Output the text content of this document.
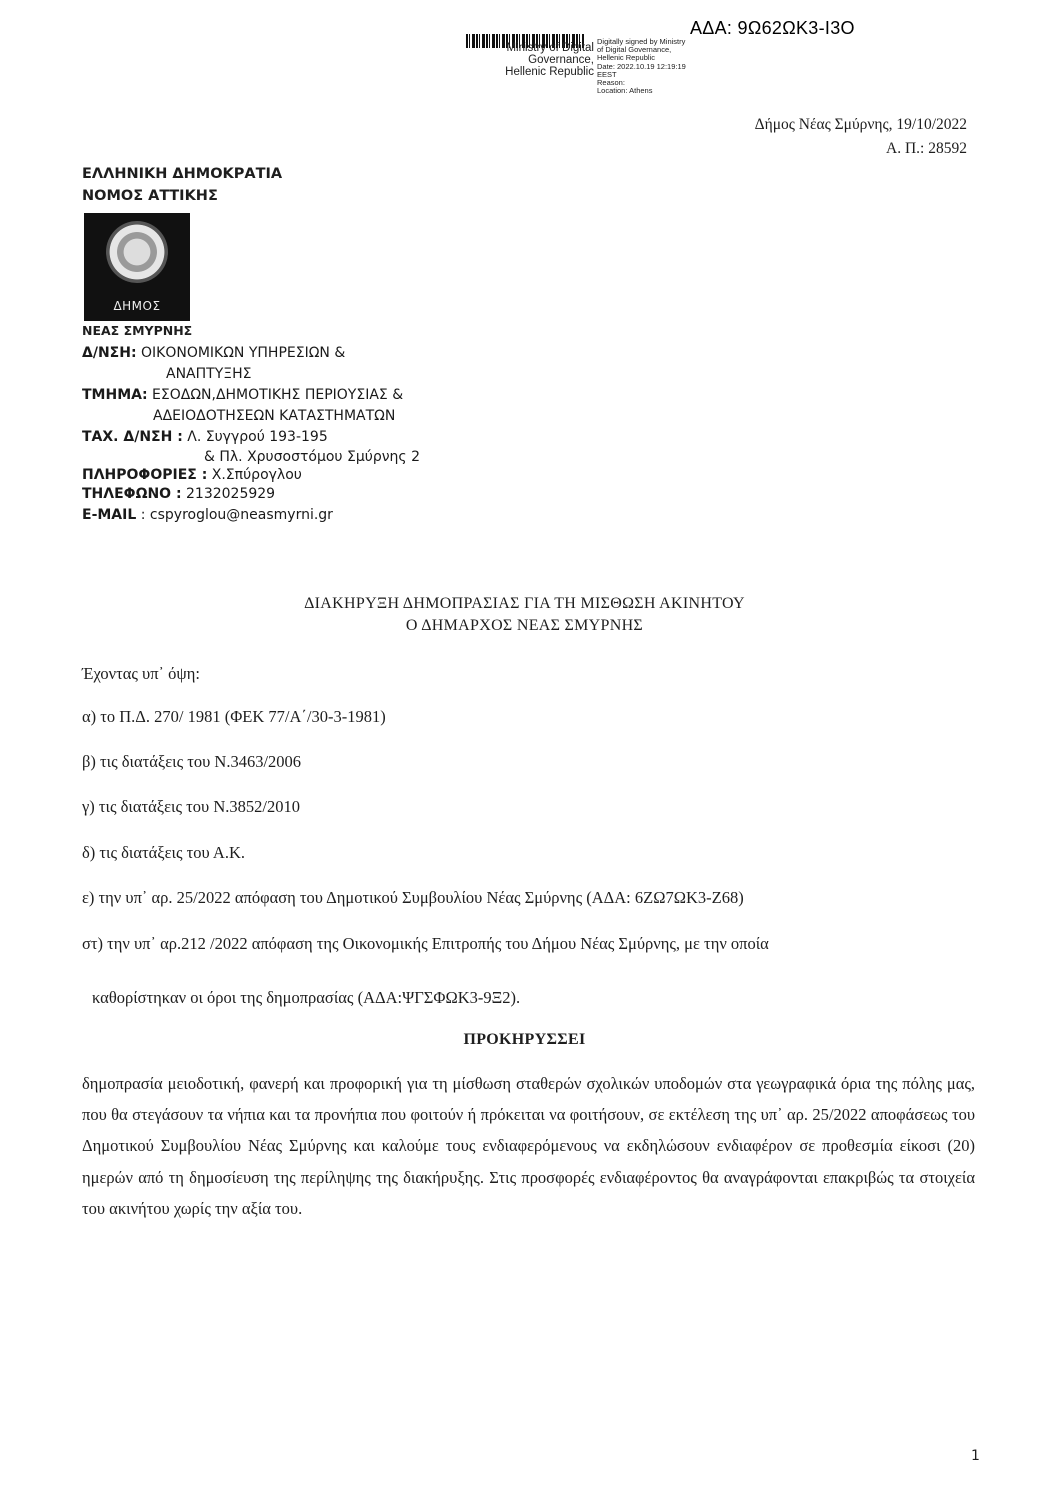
Ministry of Digital
Governance,
Hellenic Republic
Digitally signed by Ministry
of Digital Governance,
Hellenic Republic
Date: 2022.10.19 12:19:19
EEST
Reason:
Location: Athens
ΑΔΑ: 9Ω62ΩΚ3-Ι3Ο
Δήμος Νέας Σμύρνης, 19/10/2022
Α. Π.: 28592
ΕΛΛΗΝΙΚΗ ΔΗΜΟΚΡΑΤΙΑ
ΝΟΜΟΣ ΑΤΤΙΚΗΣ
ΔΗΜΟΣ
ΝΕΑΣ ΣΜΥΡΝΗΣ
Δ/ΝΣΗ: ΟΙΚΟΝΟΜΙΚΩΝ ΥΠΗΡΕΣΙΩΝ &
ΑΝΑΠΤΥΞΗΣ
ΤΜΗΜΑ: ΕΣΟΔΩΝ,ΔΗΜΟΤΙΚΗΣ ΠΕΡΙΟΥΣΙΑΣ &
ΑΔΕΙΟΔΟΤΗΣΕΩΝ ΚΑΤΑΣΤΗΜΑΤΩΝ
ΤΑΧ. Δ/ΝΣΗ : Λ. Συγγρού 193-195
& Πλ. Χρυσοστόμου Σμύρνης 2
ΠΛΗΡΟΦΟΡΙΕΣ : Χ.Σπύρογλου
ΤΗΛΕΦΩΝΟ : 2132025929
E-MAIL : cspyroglou@neasmyrni.gr
ΔΙΑΚΗΡΥΞΗ ΔΗΜΟΠΡΑΣΙΑΣ ΓΙΑ ΤΗ ΜΙΣΘΩΣΗ ΑΚΙΝΗΤΟΥ
Ο ΔΗΜΑΡΧΟΣ ΝΕΑΣ ΣΜΥΡΝΗΣ
Έχοντας υπ᾽ όψη:
α) το Π.Δ. 270/ 1981 (ΦΕΚ 77/Α΄/30-3-1981)
β) τις διατάξεις του Ν.3463/2006
γ) τις διατάξεις του Ν.3852/2010
δ) τις διατάξεις του Α.Κ.
ε) την υπ᾽ αρ. 25/2022 απόφαση του Δημοτικού Συμβουλίου Νέας Σμύρνης (ΑΔΑ: 6ΖΩ7ΩΚ3-Ζ68)
στ) την υπ᾽ αρ.212 /2022 απόφαση της Οικονομικής Επιτροπής του Δήμου Νέας Σμύρνης, με την οποία
καθορίστηκαν οι όροι της δημοπρασίας (ΑΔΑ:ΨΓΣΦΩΚ3-9Ξ2).
ΠΡΟΚΗΡΥΣΣΕΙ
δημοπρασία μειοδοτική, φανερή και προφορική για τη μίσθωση σταθερών σχολικών υποδομών στα γεωγραφικά όρια της πόλης μας, που θα στεγάσουν τα νήπια και τα προνήπια που φοιτούν ή πρόκειται να φοιτήσουν, σε εκτέλεση της υπ᾽ αρ. 25/2022 αποφάσεως του Δημοτικού Συμβουλίου Νέας Σμύρνης και καλούμε τους ενδιαφερόμενους να εκδηλώσουν ενδιαφέρον σε προθεσμία είκοσι (20) ημερών από τη δημοσίευση της περίληψης της διακήρυξης. Στις προσφορές ενδιαφέροντος θα αναγράφονται επακριβώς τα στοιχεία του ακινήτου χωρίς την αξία του.
1
